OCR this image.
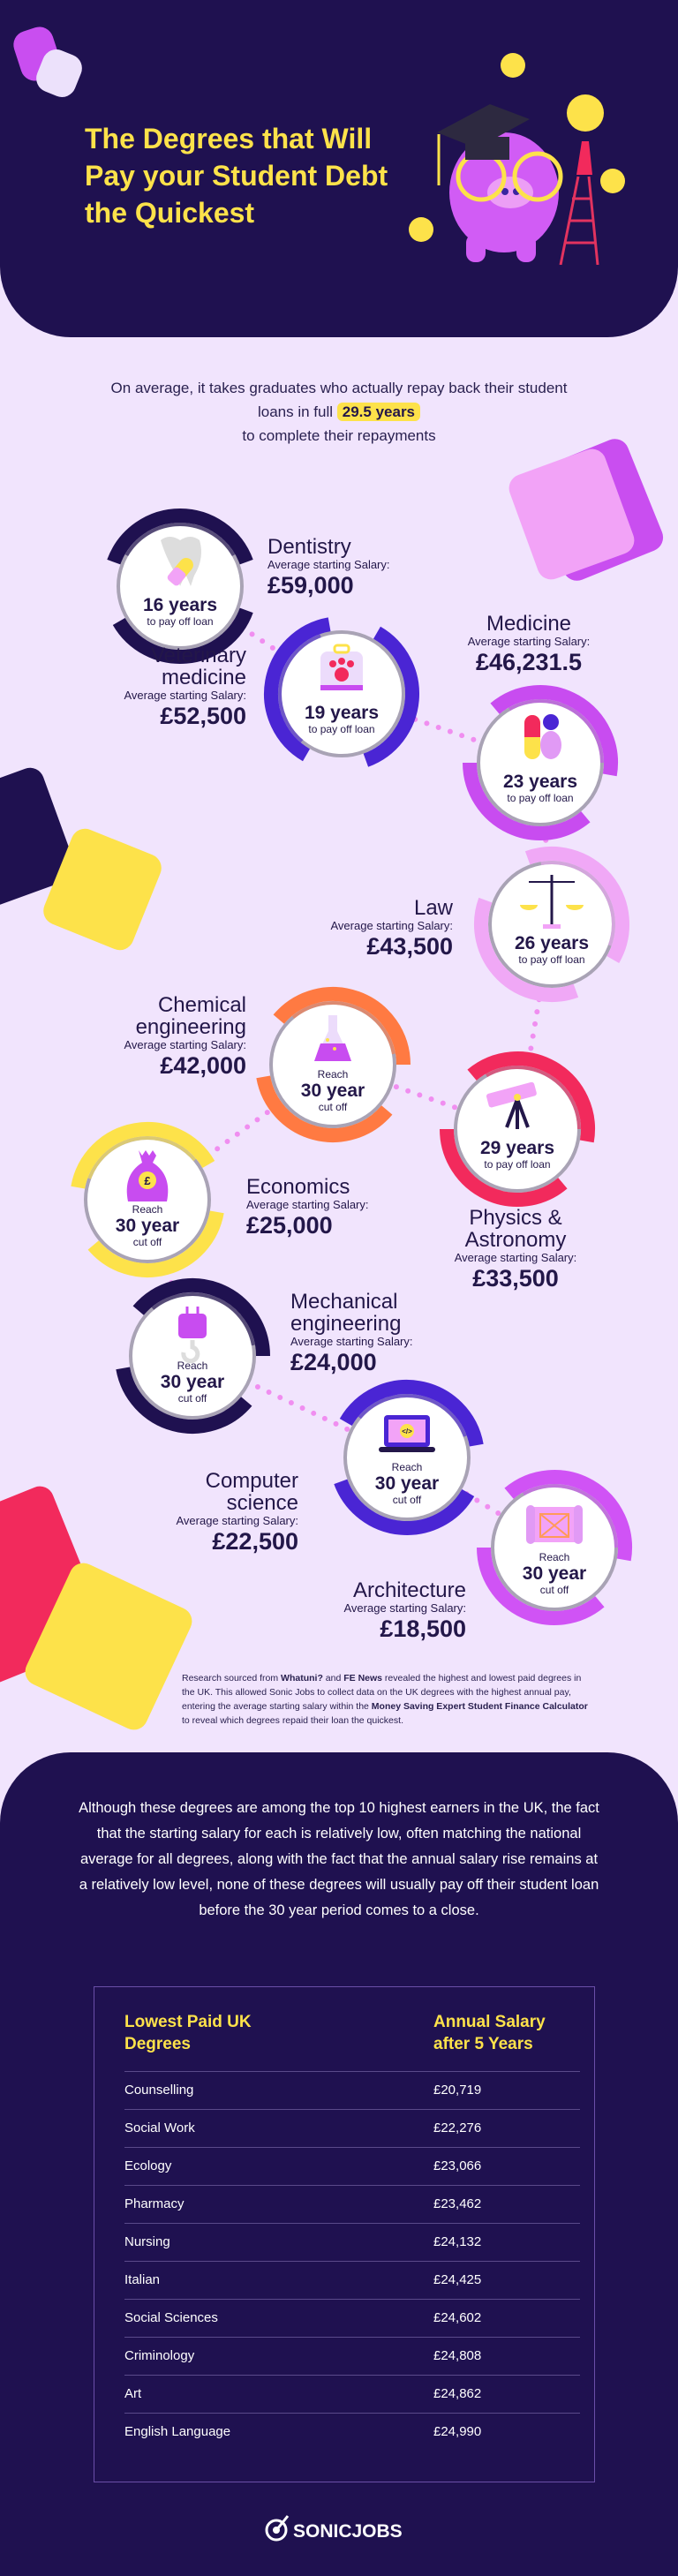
The Degrees that Will Pay your Student Debt the Quickest
On average, it takes graduates who actually repay back their student loans in full 29.5 years
to complete their repayments
16 years
to pay off loan
Dentistry
Average starting Salary:
£59,000
19 years
to pay off loan
Veterinary
medicine
Average starting Salary:
£52,500
23 years
to pay off loan
Medicine
Average starting Salary:
£46,231.5
26 years
to pay off loan
Law
Average starting Salary:
£43,500
Reach
30 year
cut off
Chemical
engineering
Average starting Salary:
£42,000
29 years
to pay off loan
Physics &
Astronomy
Average starting Salary:
£33,500
£
Reach
30 year
cut off
Economics
Average starting Salary:
£25,000
Reach
30 year
cut off
Mechanical
engineering
Average starting Salary:
£24,000
</>
Reach
30 year
cut off
Computer
science
Average starting Salary:
£22,500
Reach
30 year
cut off
Architecture
Average starting Salary:
£18,500
Research sourced from Whatuni? and FE News revealed the highest and lowest paid degrees in the UK. This allowed Sonic Jobs to collect data on the UK degrees with the highest annual pay, entering the average starting salary within the Money Saving Expert Student Finance Calculator to reveal which degrees repaid their loan the quickest.
Although these degrees are among the top 10 highest earners in the UK, the fact that the starting salary for each is relatively low, often matching the national average for all degrees, along with the fact that the annual salary rise remains at a relatively low level, none of these degrees will usually pay off their student loan before the 30 year period comes to a close.
Lowest Paid UK Degrees
Annual Salary after 5 Years
Counselling	£20,719
Social Work	£22,276
Ecology	£23,066
Pharmacy	£23,462
Nursing	£24,132
Italian	£24,425
Social Sciences	£24,602
Criminology	£24,808
Art	£24,862
English Language	£24,990
SONICJOBS
